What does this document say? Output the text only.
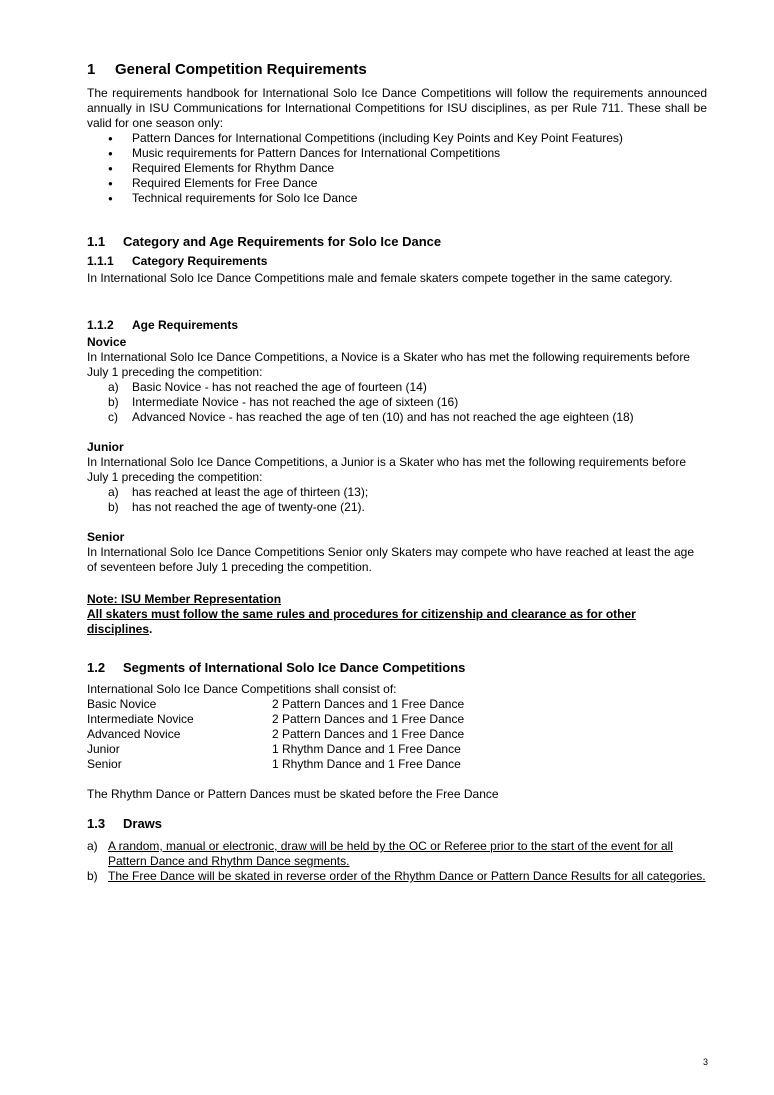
1 General Competition Requirements

The requirements handbook for International Solo Ice Dance Competitions will follow the requirements announced annually in ISU Communications for International Competitions for ISU disciplines, as per Rule 711. These shall be valid for one season only:

● Pattern Dances for International Competitions (including Key Points and Key Point Features)
● Music requirements for Pattern Dances for International Competitions
● Required Elements for Rhythm Dance
● Required Elements for Free Dance
● Technical requirements for Solo Ice Dance
1.1 Category and Age Requirements for Solo Ice Dance
1.1.1 Category Requirements

In International Solo Ice Dance Competitions male and female skaters compete together in the same category.

1.1.2 Age Requirements
Novice

In International Solo Ice Dance Competitions, a Novice is a Skater who has met the following requirements before July 1 preceding the competition:

a) Basic Novice - has not reached the age of fourteen (14)
b) Intermediate Novice - has not reached the age of sixteen (16)
c) Advanced Novice - has reached the age of ten (10) and has not reached the age eighteen (18)
Junior

In International Solo Ice Dance Competitions, a Junior is a Skater who has met the following requirements before July 1 preceding the competition:

a) has reached at least the age of thirteen (13);
b) has not reached the age of twenty-one (21).
Senior

In International Solo Ice Dance Competitions Senior only Skaters may compete who have reached at least the age of seventeen before July 1 preceding the competition.

Note: ISU Member Representation

All skaters must follow the same rules and procedures for citizenship and clearance as for other disciplines.

1.2 Segments of International Solo Ice Dance Competitions

International Solo Ice Dance Competitions shall consist of:

Basic Novice	2 Pattern Dances and 1 Free Dance
Intermediate Novice	2 Pattern Dances and 1 Free Dance
Advanced Novice	2 Pattern Dances and 1 Free Dance
Junior	1 Rhythm Dance and 1 Free Dance
Senior	1 Rhythm Dance and 1 Free Dance

The Rhythm Dance or Pattern Dances must be skated before the Free Dance

1.3 Draws
a) A random, manual or electronic, draw will be held by the OC or Referee prior to the start of the event for all Pattern Dance and Rhythm Dance segments.
b) The Free Dance will be skated in reverse order of the Rhythm Dance or Pattern Dance Results for all categories.
3
